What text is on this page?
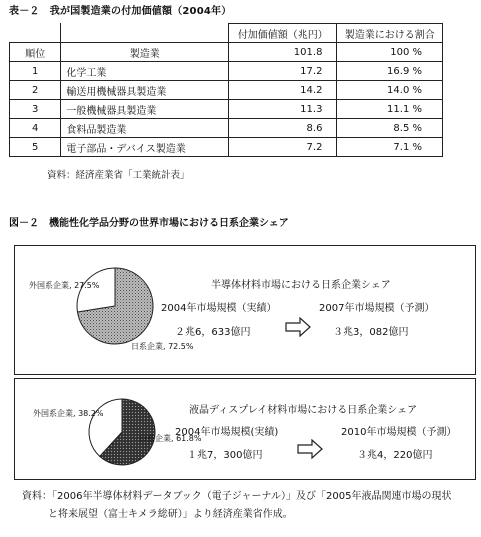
表－２　我が国製造業の付加価値額（2004年）
		付加価値額（兆円）	製造業における割合
順位	製造業	101.8	100 %
1	化学工業	17.2	16.9 %
2	輸送用機械器具製造業	14.2	14.0 %
3	一般機械器具製造業	11.3	11.1 %
4	食料品製造業	8.6	8.5 %
5	電子部品・デバイス製造業	7.2	7.1 %
資料：経済産業省「工業統計表」
図－２　機能性化学品分野の世界市場における日系企業シェア
外国系企業, 27.5%
日系企業, 72.5%
半導体材料市場における日系企業シェア
2004年市場規模（実績）
２兆6，633億円
2007年市場規模（予測）
３兆3，082億円
外国系企業, 38.2%
日系企業, 61.8%
液晶ディスプレイ材料市場における日系企業シェア
2004年市場規模(実績)
１兆7，300億円
2010年市場規模（予測）
３兆4，220億円
資料：「2006年半導体材料データブック（電子ジャーナル）」及び「2005年液晶関連市場の現状
と将来展望（富士キメラ総研）」より経済産業省作成。
